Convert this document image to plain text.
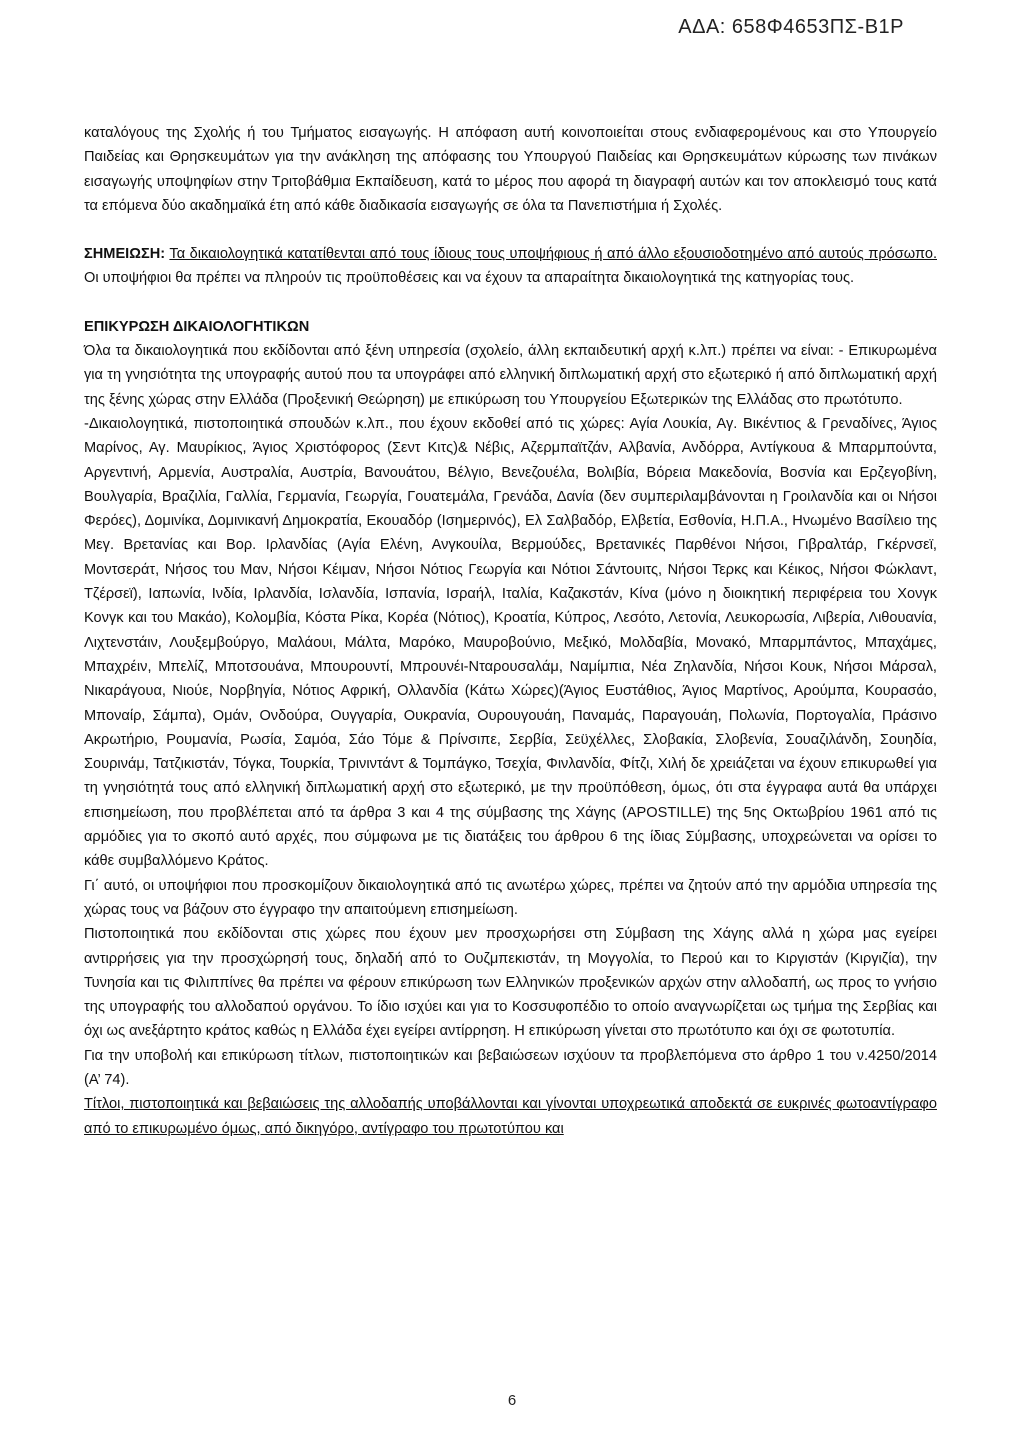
ΑΔΑ: 658Φ4653ΠΣ-Β1Ρ

καταλόγους της Σχολής ή του Τμήματος εισαγωγής. Η απόφαση αυτή κοινοποιείται στους ενδιαφερομένους και στο Υπουργείο Παιδείας και Θρησκευμάτων για την ανάκληση της απόφασης του Υπουργού Παιδείας και Θρησκευμάτων κύρωσης των πινάκων εισαγωγής υποψηφίων στην Τριτοβάθμια Εκπαίδευση, κατά το μέρος που αφορά τη διαγραφή αυτών και τον αποκλεισμό τους κατά τα επόμενα δύο ακαδημαϊκά έτη από κάθε διαδικασία εισαγωγής σε όλα τα Πανεπιστήμια ή Σχολές.

ΣΗΜΕΙΩΣΗ: Τα δικαιολογητικά κατατίθενται από τους ίδιους τους υποψήφιους ή από άλλο εξουσιοδοτημένο από αυτούς πρόσωπο. Οι υποψήφιοι θα πρέπει να πληρούν τις προϋποθέσεις και να έχουν τα απαραίτητα δικαιολογητικά της κατηγορίας τους.

ΕΠΙΚΥΡΩΣΗ ΔΙΚΑΙΟΛΟΓΗΤΙΚΩΝ

Όλα τα δικαιολογητικά που εκδίδονται από ξένη υπηρεσία (σχολείο, άλλη εκπαιδευτική αρχή κ.λπ.) πρέπει να είναι: - Επικυρωμένα για τη γνησιότητα της υπογραφής αυτού που τα υπογράφει από ελληνική διπλωματική αρχή στο εξωτερικό ή από διπλωματική αρχή της ξένης χώρας στην Ελλάδα (Προξενική Θεώρηση) με επικύρωση του Υπουργείου Εξωτερικών της Ελλάδας στο πρωτότυπο.

-Δικαιολογητικά, πιστοποιητικά σπουδών κ.λπ., που έχουν εκδοθεί από τις χώρες: Αγία Λουκία, Αγ. Βικέντιος & Γρεναδίνες, Άγιος Μαρίνος, Αγ. Μαυρίκιος, Άγιος Χριστόφορος (Σεντ Κιτς)& Νέβις, Αζερμπαϊτζάν, Αλβανία, Ανδόρρα, Αντίγκουα & Μπαρμπούντα, Αργεντινή, Αρμενία, Αυστραλία, Αυστρία, Βανουάτου, Βέλγιο, Βενεζουέλα, Βολιβία, Βόρεια Μακεδονία, Βοσνία και Ερζεγοβίνη, Βουλγαρία, Βραζιλία, Γαλλία, Γερμανία, Γεωργία, Γουατεμάλα, Γρενάδα, Δανία (δεν συμπεριλαμβάνονται η Γροιλανδία και οι Νήσοι Φερόες), Δομινίκα, Δομινικανή Δημοκρατία, Εκουαδόρ (Ισημερινός), Ελ Σαλβαδόρ, Ελβετία, Εσθονία, Η.Π.Α., Ηνωμένο Βασίλειο της Μεγ. Βρετανίας και Βορ. Ιρλανδίας (Αγία Ελένη, Ανγκουίλα, Βερμούδες, Βρετανικές Παρθένοι Νήσοι, Γιβραλτάρ, Γκέρνσεϊ, Μοντσεράτ, Νήσος του Μαν, Νήσοι Κέιμαν, Νήσοι Νότιος Γεωργία και Νότιοι Σάντουιτς, Νήσοι Τερκς και Κέικος, Νήσοι Φώκλαντ, Τζέρσεϊ), Ιαπωνία, Ινδία, Ιρλανδία, Ισλανδία, Ισπανία, Ισραήλ, Ιταλία, Καζακστάν, Κίνα (μόνο η διοικητική περιφέρεια του Χονγκ Κονγκ και του Μακάο), Κολομβία, Κόστα Ρίκα, Κορέα (Νότιος), Κροατία, Κύπρος, Λεσότο, Λετονία, Λευκορωσία, Λιβερία, Λιθουανία, Λιχτενστάιν, Λουξεμβούργο, Μαλάουι, Μάλτα, Μαρόκο, Μαυροβούνιο, Μεξικό, Μολδαβία, Μονακό, Μπαρμπάντος, Μπαχάμες, Μπαχρέιν, Μπελίζ, Μποτσουάνα, Μπουρουντί, Μπρουνέι-Νταρουσαλάμ, Ναμίμπια, Νέα Ζηλανδία, Νήσοι Κουκ, Νήσοι Μάρσαλ, Νικαράγουα, Νιούε, Νορβηγία, Νότιος Αφρική, Ολλανδία (Κάτω Χώρες)(Άγιος Ευστάθιος, Άγιος Μαρτίνος, Αρούμπα, Κουρασάο, Μποναίρ, Σάμπα), Ομάν, Ονδούρα, Ουγγαρία, Ουκρανία, Ουρουγουάη, Παναμάς, Παραγουάη, Πολωνία, Πορτογαλία, Πράσινο Ακρωτήριο, Ρουμανία, Ρωσία, Σαμόα, Σάο Τόμε & Πρίνσιπε, Σερβία, Σεϋχέλλες, Σλοβακία, Σλοβενία, Σουαζιλάνδη, Σουηδία, Σουρινάμ, Τατζικιστάν, Τόγκα, Τουρκία, Τρινιντάντ & Τομπάγκο, Τσεχία, Φινλανδία, Φίτζι, Χιλή δε χρειάζεται να έχουν επικυρωθεί για τη γνησιότητά τους από ελληνική διπλωματική αρχή στο εξωτερικό, με την προϋπόθεση, όμως, ότι στα έγγραφα αυτά θα υπάρχει επισημείωση, που προβλέπεται από τα άρθρα 3 και 4 της σύμβασης της Χάγης (APOSTILLE) της 5ης Οκτωβρίου 1961 από τις αρμόδιες για το σκοπό αυτό αρχές, που σύμφωνα με τις διατάξεις του άρθρου 6 της ίδιας Σύμβασης, υποχρεώνεται να ορίσει το κάθε συμβαλλόμενο Κράτος.

Γι΄ αυτό, οι υποψήφιοι που προσκομίζουν δικαιολογητικά από τις ανωτέρω χώρες, πρέπει να ζητούν από την αρμόδια υπηρεσία της χώρας τους να βάζουν στο έγγραφο την απαιτούμενη επισημείωση.

Πιστοποιητικά που εκδίδονται στις χώρες που έχουν μεν προσχωρήσει στη Σύμβαση της Χάγης αλλά η χώρα μας εγείρει αντιρρήσεις για την προσχώρησή τους, δηλαδή από το Ουζμπεκιστάν, τη Μογγολία, το Περού και το Κιργιστάν (Κιργιζία), την Τυνησία και τις Φιλιππίνες θα πρέπει να φέρουν επικύρωση των Ελληνικών προξενικών αρχών στην αλλοδαπή, ως προς το γνήσιο της υπογραφής του αλλοδαπού οργάνου. Το ίδιο ισχύει και για το Κοσσυφοπέδιο το οποίο αναγνωρίζεται ως τμήμα της Σερβίας και όχι ως ανεξάρτητο κράτος καθώς η Ελλάδα έχει εγείρει αντίρρηση. Η επικύρωση γίνεται στο πρωτότυπο και όχι σε φωτοτυπία.

Για την υποβολή και επικύρωση τίτλων, πιστοποιητικών και βεβαιώσεων ισχύουν τα προβλεπόμενα στο άρθρο 1 του ν.4250/2014 (Α’ 74).

Τίτλοι, πιστοποιητικά και βεβαιώσεις της αλλοδαπής υποβάλλονται και γίνονται υποχρεωτικά αποδεκτά σε ευκρινές φωτοαντίγραφο από το επικυρωμένο όμως, από δικηγόρο, αντίγραφο του πρωτοτύπου και

6
